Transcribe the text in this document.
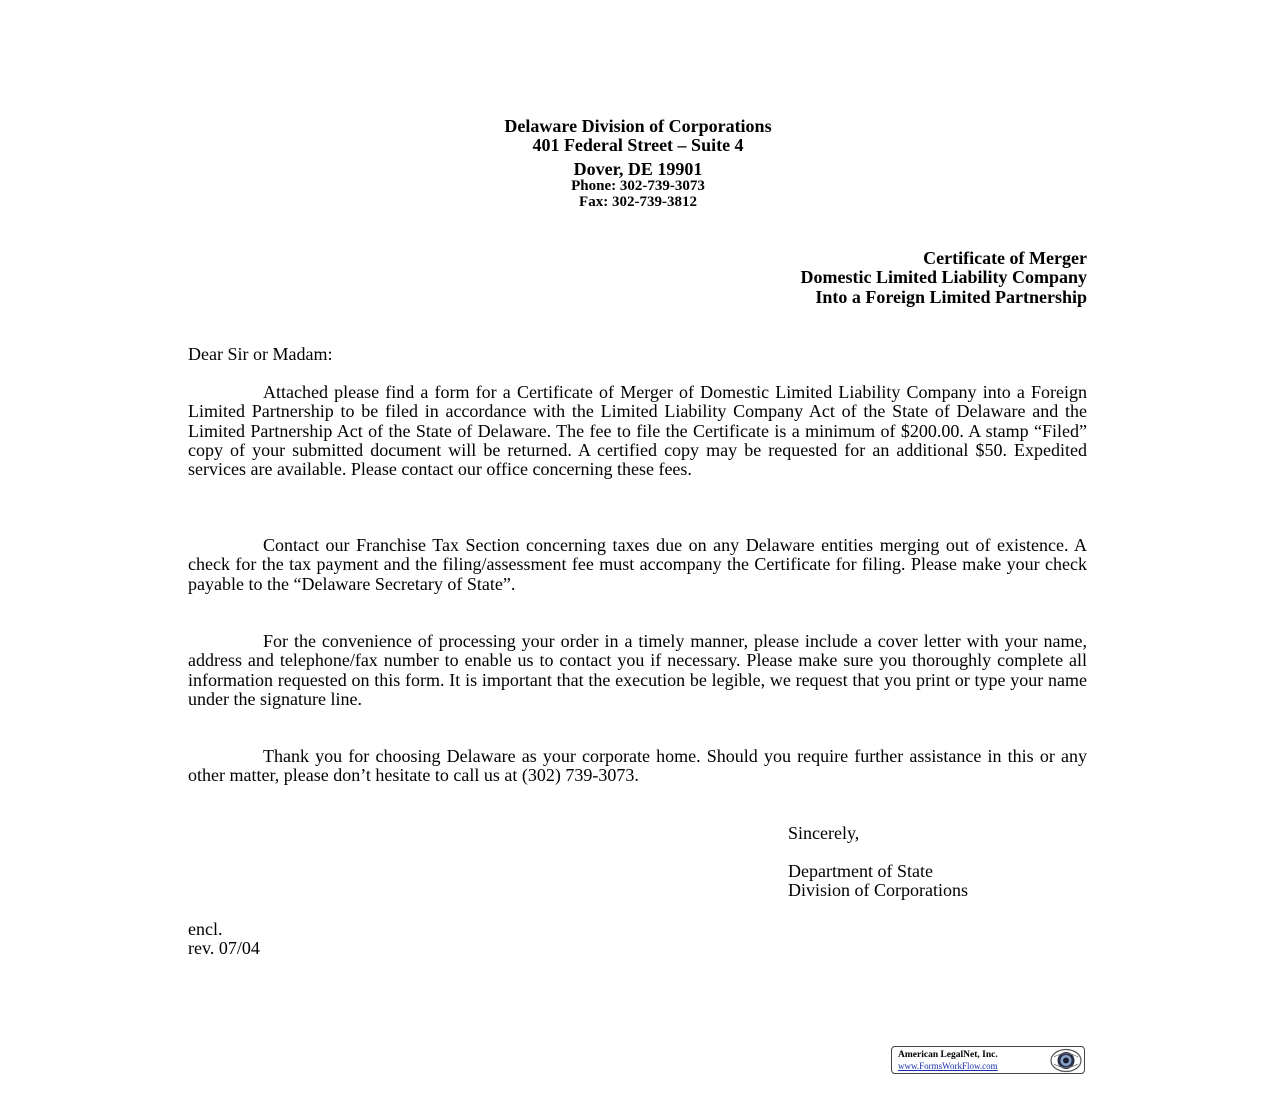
Delaware Division of Corporations
401 Federal Street – Suite 4
Dover, DE 19901
Phone: 302-739-3073
Fax: 302-739-3812
Certificate of Merger
Domestic Limited Liability Company
Into a Foreign Limited Partnership
Dear Sir or Madam:
Attached please find a form for a Certificate of Merger of Domestic Limited Liability Company into a Foreign Limited Partnership to be filed in accordance with the Limited Liability Company Act of the State of Delaware and the Limited Partnership Act of the State of Delaware. The fee to file the Certificate is a minimum of $200.00. A stamp “Filed” copy of your submitted document will be returned. A certified copy may be requested for an additional $50. Expedited services are available. Please contact our office concerning these fees.
Contact our Franchise Tax Section concerning taxes due on any Delaware entities merging out of existence. A check for the tax payment and the filing/assessment fee must accompany the Certificate for filing. Please make your check payable to the “Delaware Secretary of State”.
For the convenience of processing your order in a timely manner, please include a cover letter with your name, address and telephone/fax number to enable us to contact you if necessary. Please make sure you thoroughly complete all information requested on this form. It is important that the execution be legible, we request that you print or type your name under the signature line.
Thank you for choosing Delaware as your corporate home. Should you require further assistance in this or any other matter, please don’t hesitate to call us at (302) 739-3073.
Sincerely,
Department of State
Division of Corporations
encl.
rev. 07/04
American LegalNet, Inc.
www.FormsWorkFlow.com
